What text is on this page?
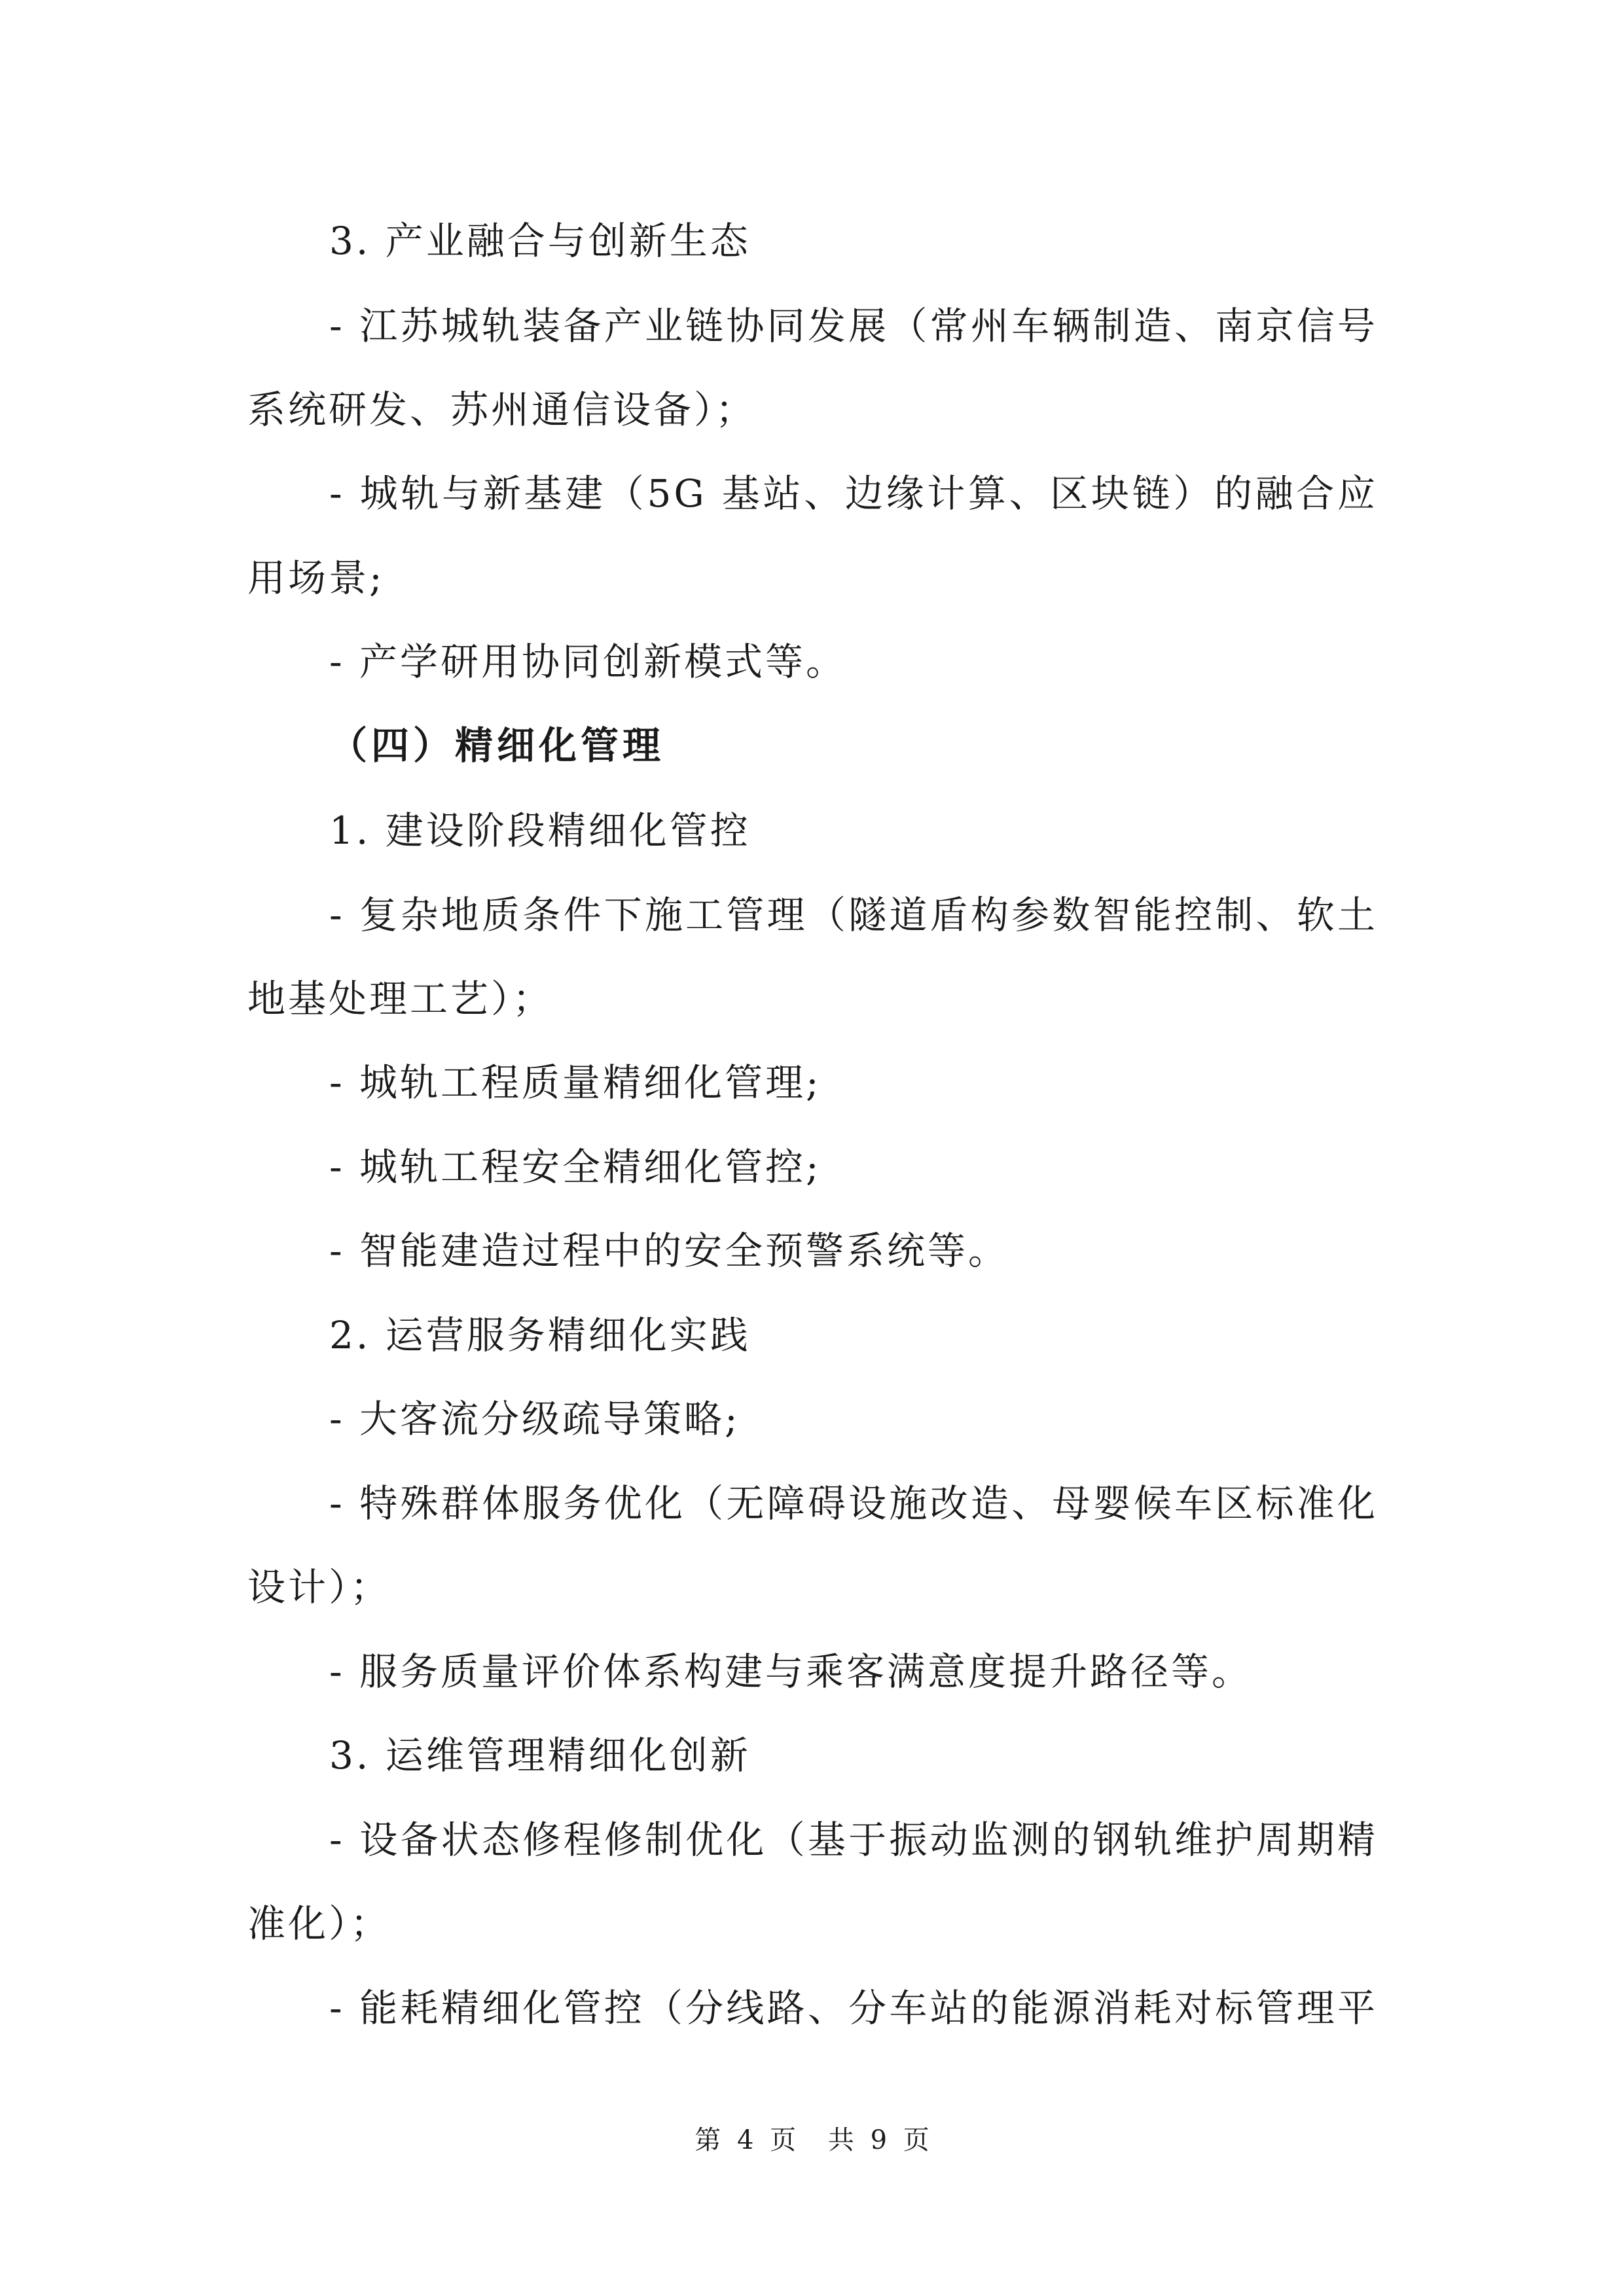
3. 产业融合与创新生态
- 江苏城轨装备产业链协同发展（常州车辆制造、南京信号
系统研发、苏州通信设备）；
- 城轨与新基建（5G 基站、边缘计算、区块链）的融合应
用场景;
- 产学研用协同创新模式等。
（四）精细化管理
1. 建设阶段精细化管控
- 复杂地质条件下施工管理（隧道盾构参数智能控制、软土
地基处理工艺）；
- 城轨工程质量精细化管理;
- 城轨工程安全精细化管控;
- 智能建造过程中的安全预警系统等。
2. 运营服务精细化实践
- 大客流分级疏导策略;
- 特殊群体服务优化（无障碍设施改造、母婴候车区标准化
设计）；
- 服务质量评价体系构建与乘客满意度提升路径等。
3. 运维管理精细化创新
- 设备状态修程修制优化（基于振动监测的钢轨维护周期精
准化）；
- 能耗精细化管控（分线路、分车站的能源消耗对标管理平
第 4 页 共 9 页
